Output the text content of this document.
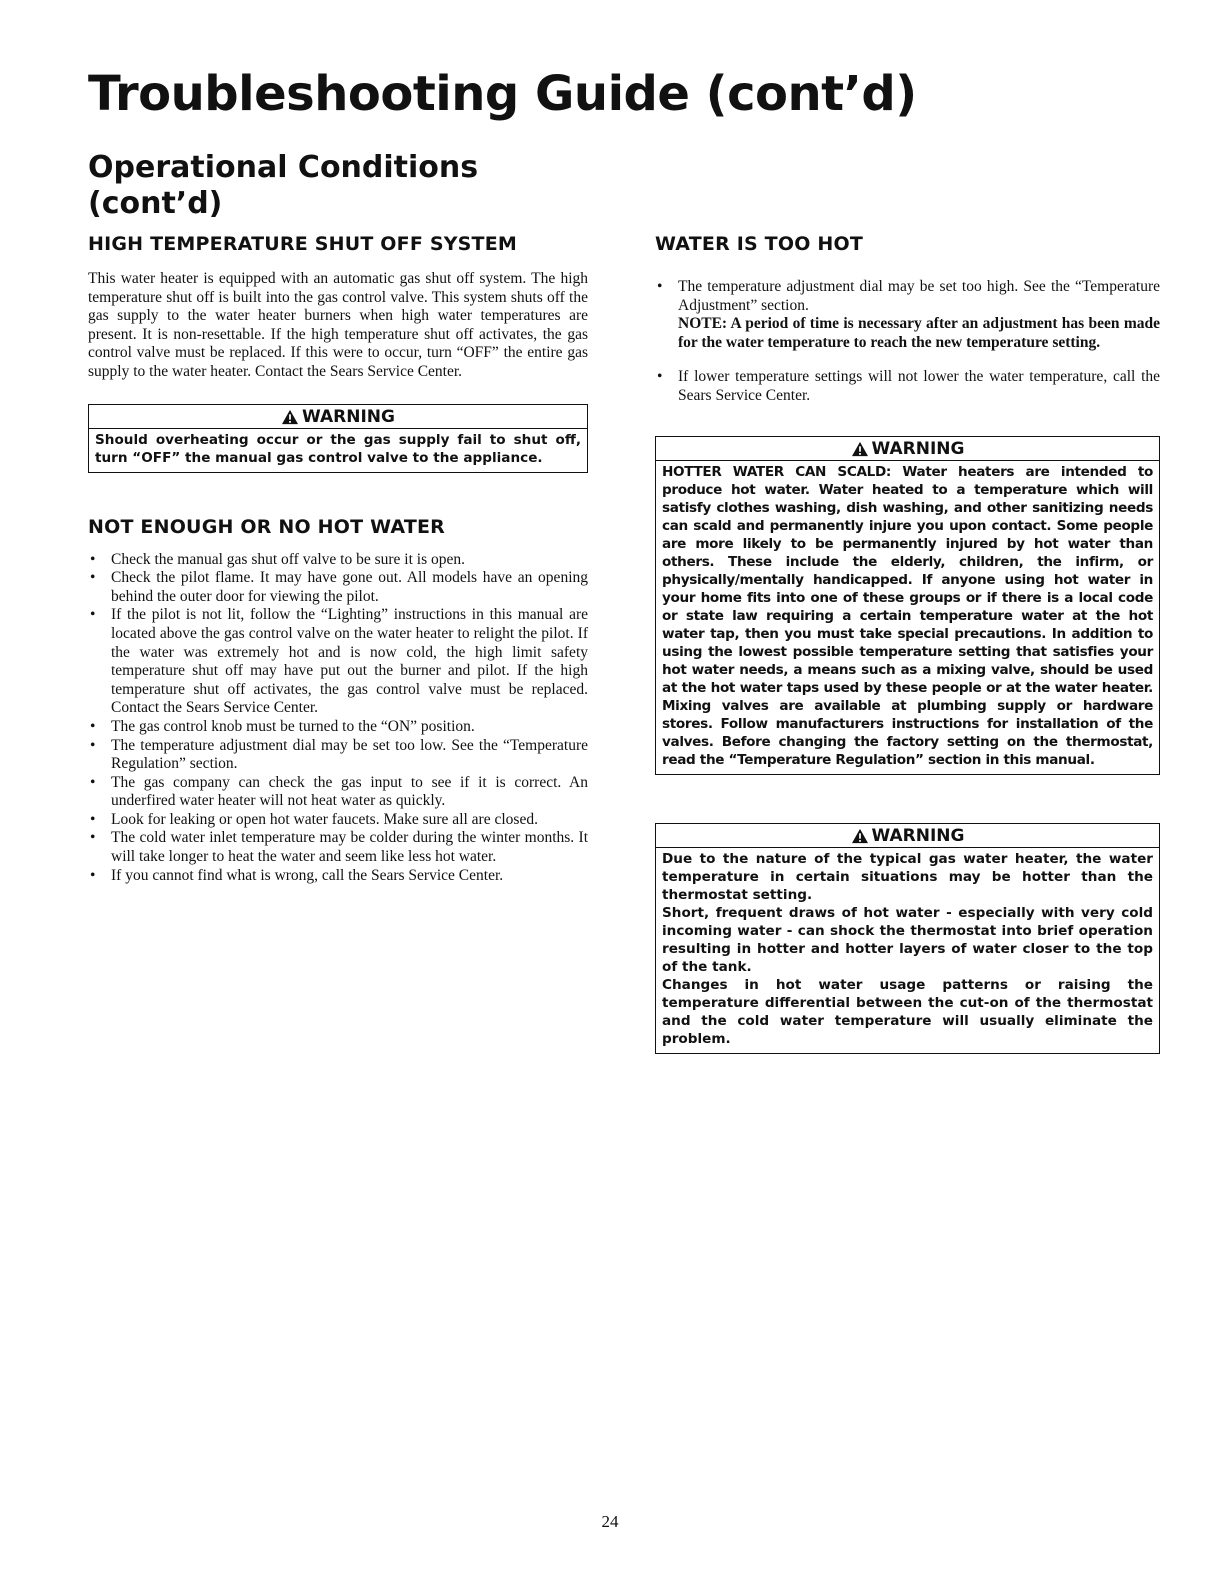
Troubleshooting Guide (cont’d)
Operational Conditions (cont’d)
HIGH TEMPERATURE SHUT OFF SYSTEM

This water heater is equipped with an automatic gas shut off system. The high temperature shut off is built into the gas control valve. This system shuts off the gas supply to the water heater burners when high water temperatures are present. It is non-resettable. If the high temperature shut off activates, the gas control valve must be replaced. If this were to occur, turn “OFF” the entire gas supply to the water heater. Contact the Sears Service Center.

WARNING

Should overheating occur or the gas supply fail to shut off, turn “OFF” the manual gas control valve to the appliance.

NOT ENOUGH OR NO HOT WATER
• Check the manual gas shut off valve to be sure it is open.
• Check the pilot flame. It may have gone out. All models have an opening behind the outer door for viewing the pilot.
• If the pilot is not lit, follow the “Lighting” instructions in this manual are located above the gas control valve on the water heater to relight the pilot. If the water was extremely hot and is now cold, the high limit safety temperature shut off may have put out the burner and pilot. If the high temperature shut off activates, the gas control valve must be replaced. Contact the Sears Service Center.
• The gas control knob must be turned to the “ON” position.
• The temperature adjustment dial may be set too low. See the “Temperature Regulation” section.
• The gas company can check the gas input to see if it is correct. An underfired water heater will not heat water as quickly.
• Look for leaking or open hot water faucets. Make sure all are closed.
• The cold water inlet temperature may be colder during the winter months. It will take longer to heat the water and seem like less hot water.
• If you cannot find what is wrong, call the Sears Service Center.
WATER IS TOO HOT
• The temperature adjustment dial may be set too high. See the “Temperature Adjustment” section.
NOTE: A period of time is necessary after an adjustment has been made for the water temperature to reach the new temperature setting.
• If lower temperature settings will not lower the water temperature, call the Sears Service Center.
WARNING

HOTTER WATER CAN SCALD: Water heaters are intended to produce hot water. Water heated to a temperature which will satisfy clothes washing, dish washing, and other sanitizing needs can scald and permanently injure you upon contact. Some people are more likely to be permanently injured by hot water than others. These include the elderly, children, the infirm, or physically/mentally handicapped. If anyone using hot water in your home fits into one of these groups or if there is a local code or state law requiring a certain temperature water at the hot water tap, then you must take special precautions. In addition to using the lowest possible temperature setting that satisfies your hot water needs, a means such as a mixing valve, should be used at the hot water taps used by these people or at the water heater. Mixing valves are available at plumbing supply or hardware stores. Follow manufacturers instructions for installation of the valves. Before changing the factory setting on the thermostat, read the “Temperature Regulation” section in this manual.

WARNING

Due to the nature of the typical gas water heater, the water temperature in certain situations may be hotter than the thermostat setting.

Short, frequent draws of hot water - especially with very cold incoming water - can shock the thermostat into brief operation resulting in hotter and hotter layers of water closer to the top of the tank.

Changes in hot water usage patterns or raising the temperature differential between the cut-on of the thermostat and the cold water temperature will usually eliminate the problem.

24
